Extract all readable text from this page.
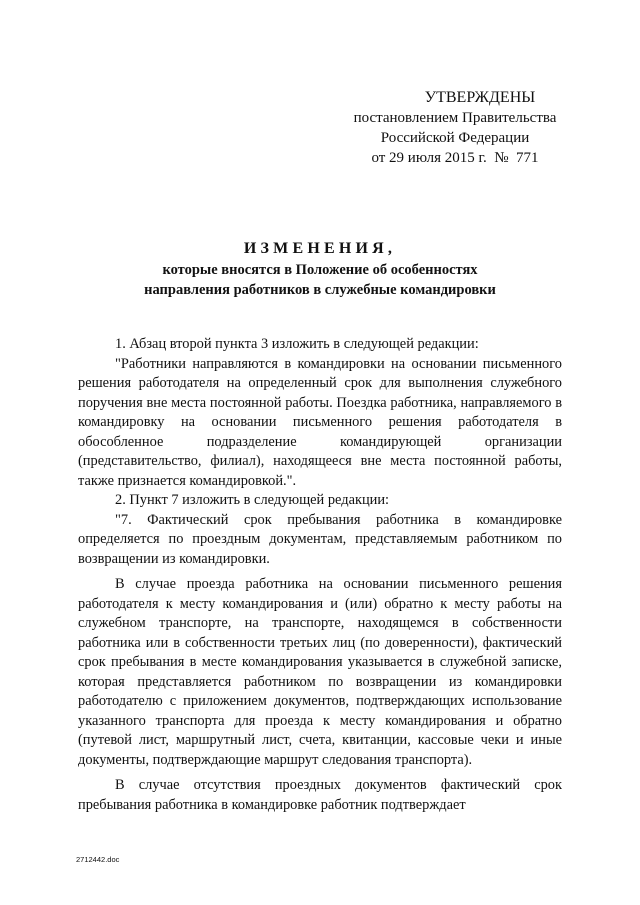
УТВЕРЖДЕНЫ
постановлением Правительства
Российской Федерации
от 29 июля 2015 г.  №  771
ИЗМЕНЕНИЯ,
которые вносятся в Положение об особенностях
направления работников в служебные командировки

1. Абзац второй пункта 3 изложить в следующей редакции:

"Работники направляются в командировки на основании письменного решения работодателя на определенный срок для выполнения служебного поручения вне места постоянной работы. Поездка работника, направляемого в командировку на основании письменного решения работодателя в обособленное подразделение командирующей организации (представительство, филиал), находящееся вне места постоянной работы, также признается командировкой.".

2. Пункт 7 изложить в следующей редакции:

"7. Фактический срок пребывания работника в командировке определяется по проездным документам, представляемым работником по возвращении из командировки.

В случае проезда работника на основании письменного решения работодателя к месту командирования и (или) обратно к месту работы на служебном транспорте, на транспорте, находящемся в собственности работника или в собственности третьих лиц (по доверенности), фактический срок пребывания в месте командирования указывается в служебной записке, которая представляется работником по возвращении из командировки работодателю с приложением документов, подтверждающих использование указанного транспорта для проезда к месту командирования и обратно (путевой лист, маршрутный лист, счета, квитанции, кассовые чеки и иные документы, подтверждающие маршрут следования транспорта).

В случае отсутствия проездных документов фактический срок пребывания работника в командировке работник подтверждает

2712442.doc
